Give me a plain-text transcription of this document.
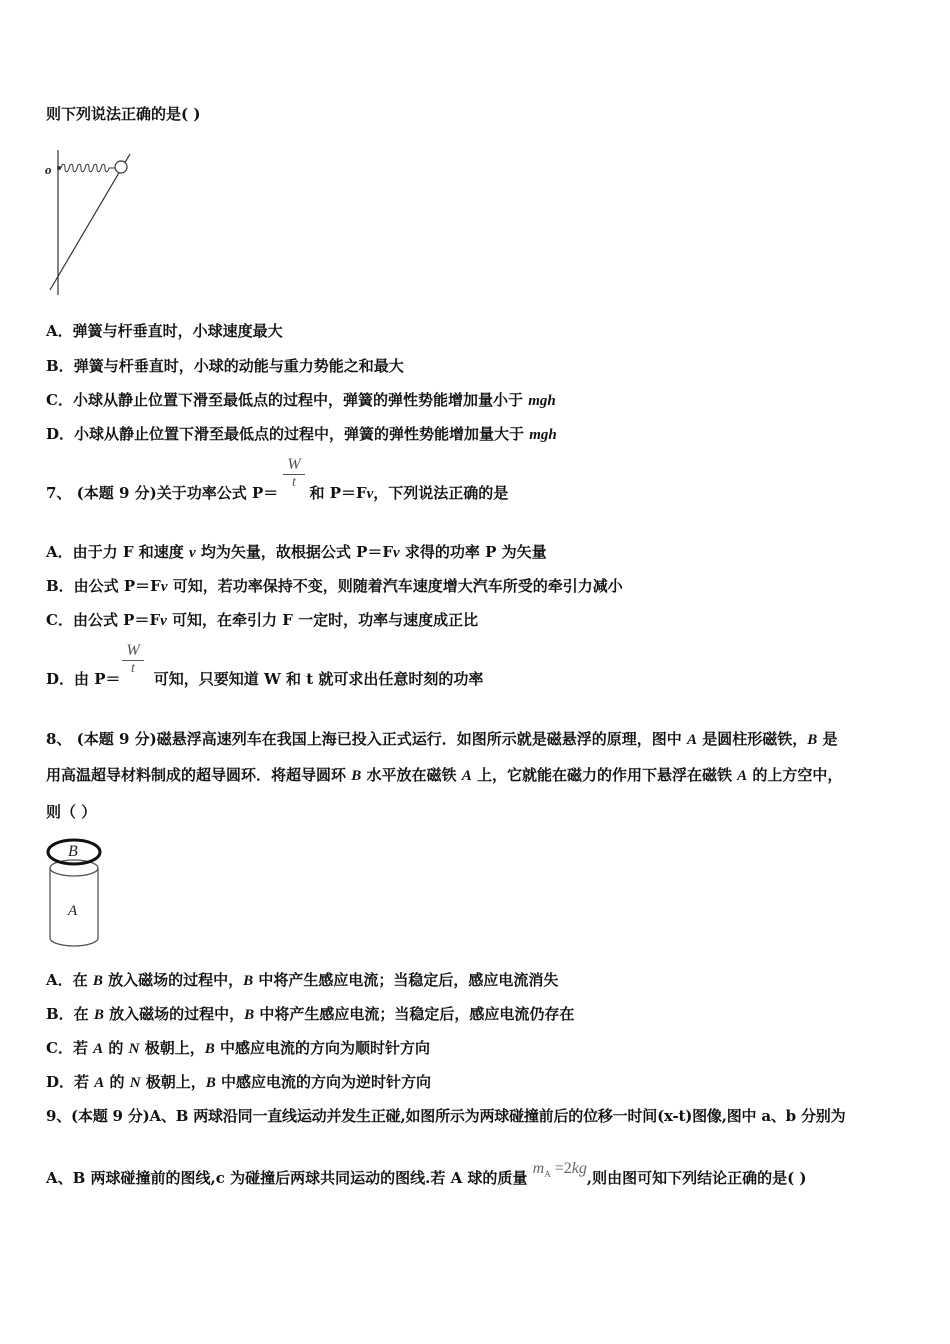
则下列说法正确的是( )
o
A．弹簧与杆垂直时，小球速度最大
B．弹簧与杆垂直时，小球的动能与重力势能之和最大
C．小球从静止位置下滑至最低点的过程中，弹簧的弹性势能增加量小于 mgh
D．小球从静止位置下滑至最低点的过程中，弹簧的弹性势能增加量大于 mgh
7、 (本题 9 分)关于功率公式 P＝ 和 P＝Fv，下列说法正确的是
W
t
A．由于力 F 和速度 v 均为矢量，故根据公式 P＝Fv 求得的功率 P 为矢量
B．由公式 P＝Fv 可知，若功率保持不变，则随着汽车速度增大汽车所受的牵引力减小
C．由公式 P＝Fv 可知，在牵引力 F 一定时，功率与速度成正比
D．由 P＝ 可知，只要知道 W 和 t 就可求出任意时刻的功率
W
t
8、 (本题 9 分)磁悬浮高速列车在我国上海已投入正式运行．如图所示就是磁悬浮的原理，图中 A 是圆柱形磁铁，B 是
用高温超导材料制成的超导圆环．将超导圆环 B 水平放在磁铁 A 上，它就能在磁力的作用下悬浮在磁铁 A 的上方空中，
则（ ）
B
A
A．在 B 放入磁场的过程中，B 中将产生感应电流；当稳定后，感应电流消失
B．在 B 放入磁场的过程中，B 中将产生感应电流；当稳定后，感应电流仍存在
C．若 A 的 N 极朝上，B 中感应电流的方向为顺时针方向
D．若 A 的 N 极朝上，B 中感应电流的方向为逆时针方向
9、(本题 9 分)A、B 两球沿同一直线运动并发生正碰,如图所示为两球碰撞前后的位移一时间(x-t)图像,图中 a、b 分别为
A、B 两球碰撞前的图线,c 为碰撞后两球共同运动的图线.若 A 球的质量 $m_A =2kg$,则由图可知下列结论正确的是( )
